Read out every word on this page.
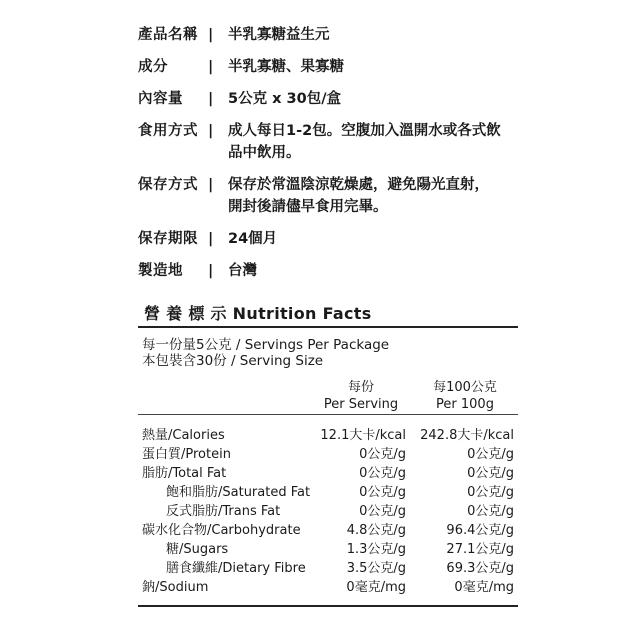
產品名稱 |	半乳寡糖益生元
成分	|	半乳寡糖、果寡糖
內容量	|	5公克 x 30包/盒
食用方式 |	成人每日1-2包。空腹加入溫開水或各式飲
品中飲用。
保存方式 |	保存於常溫陰涼乾燥處，避免陽光直射，
開封後請儘早食用完畢。
保存期限 |	24個月
製造地	|	台灣
營 養 標 示 Nutrition Facts
每一份量5公克 / Servings Per Package
本包裝含30份 / Serving Size
每份
Per Serving
每100公克
Per 100g
熱量/Calories	12.1大卡/kcal	242.8大卡/kcal
蛋白質/Protein	0公克/g	0公克/g
脂肪/Total Fat	0公克/g	0公克/g
飽和脂肪/Saturated Fat	0公克/g	0公克/g
反式脂肪/Trans Fat	0公克/g	0公克/g
碳水化合物/Carbohydrate	4.8公克/g	96.4公克/g
糖/Sugars	1.3公克/g	27.1公克/g
膳食纖維/Dietary Fibre	3.5公克/g	69.3公克/g
鈉/Sodium	0毫克/mg	0毫克/mg
